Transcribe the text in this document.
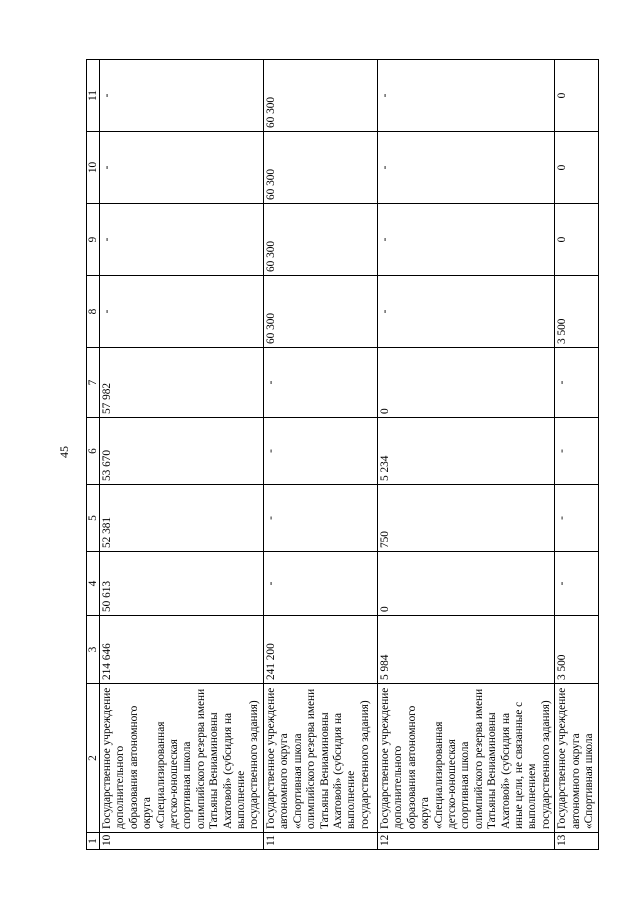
45
1	2	3	4	5	6	7	8	9	10	11
10	Государственное учреждение дополнительного образования автономного округа «Специализированная детско-юношеская спортивная школа олимпийского резерва имени Татьяны Вениаминовны Ахатовой» (субсидия на выполнение государственного задания)	214 646	50 613	52 381	53 670	57 982	-	-	-	-
11	Государственное учреждение автономного округа «Спортивная школа олимпийского резерва имени Татьяны Вениаминовны Ахатовой» (субсидия на выполнение государственного задания)	241 200	-	-	-	-	60 300	60 300	60 300	60 300
12	Государственное учреждение дополнительного образования автономного округа «Специализированная детско-юношеская спортивная школа олимпийского резерва имени Татьяны Вениаминовны Ахатовой» (субсидия на иные цели, не связанные с выполнением государственного задания)	5 984	0	750	5 234	0	-	-	-	-
13	Государственное учреждение автономного округа «Спортивная школа	3 500	-	-	-	-	3 500	0	0	0
